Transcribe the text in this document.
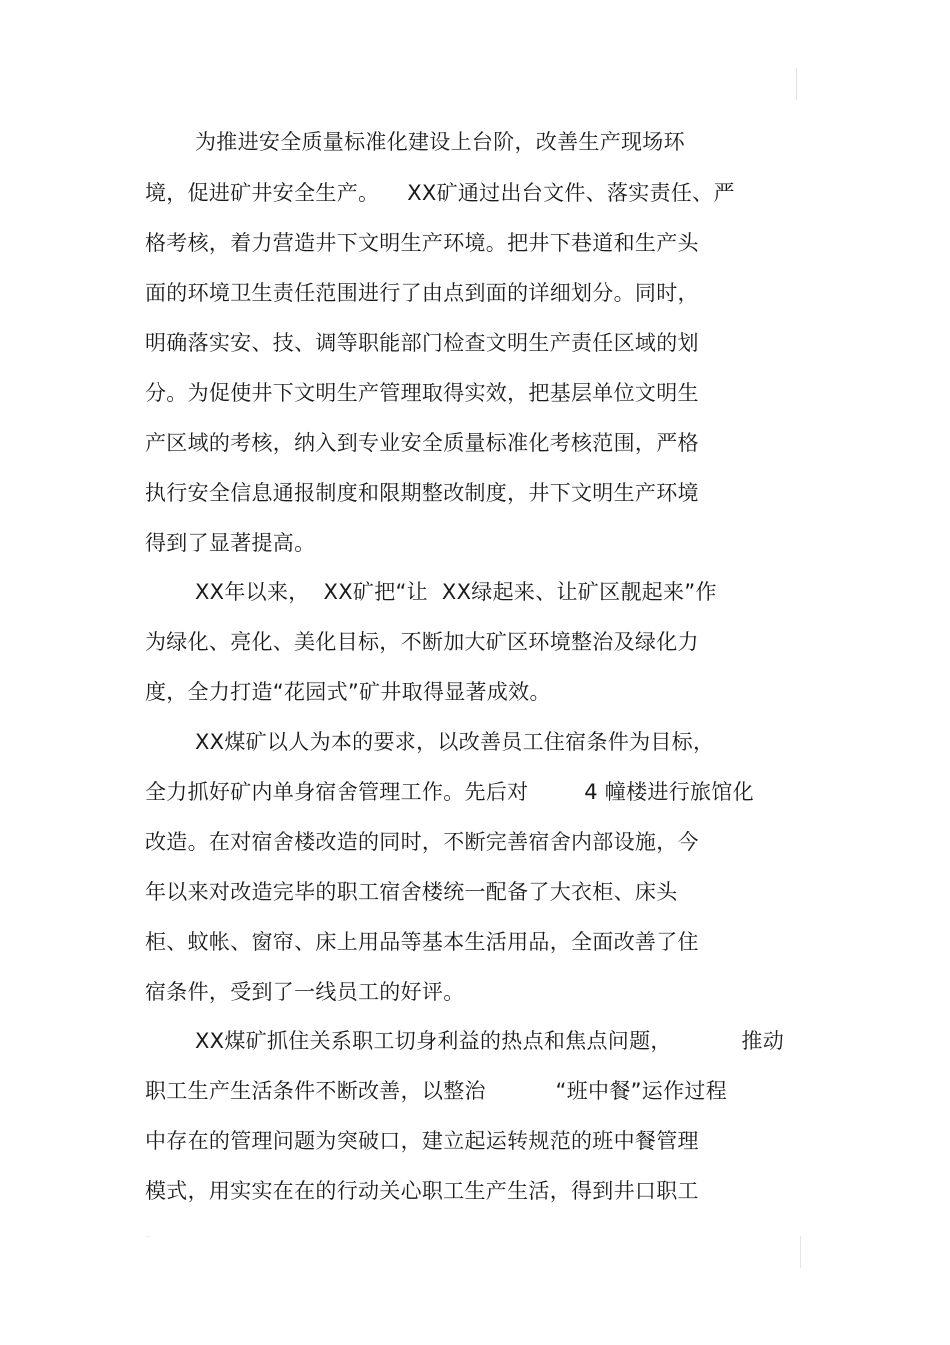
为推进安全质量标准化建设上台阶，改善生产现场环
境，促进矿井安全生产。    XX矿通过出台文件、落实责任、严
格考核，着力营造井下文明生产环境。把井下巷道和生产头
面的环境卫生责任范围进行了由点到面的详细划分。同时，
明确落实安、技、调等职能部门检查文明生产责任区域的划
分。为促使井下文明生产管理取得实效，把基层单位文明生
产区域的考核，纳入到专业安全质量标准化考核范围，严格
执行安全信息通报制度和限期整改制度，井下文明生产环境
得到了显著提高。
XX年以来，  XX矿把“让  XX绿起来、让矿区靓起来”作
为绿化、亮化、美化目标，不断加大矿区环境整治及绿化力
度，全力打造“花园式”矿井取得显著成效。
XX煤矿以人为本的要求，以改善员工住宿条件为目标，
全力抓好矿内单身宿舍管理工作。先后对        4 幢楼进行旅馆化
改造。在对宿舍楼改造的同时，不断完善宿舍内部设施，今
年以来对改造完毕的职工宿舍楼统一配备了大衣柜、床头
柜、蚊帐、窗帘、床上用品等基本生活用品，全面改善了住
宿条件，受到了一线员工的好评。
XX煤矿抓住关系职工切身利益的热点和焦点问题，          推动
职工生产生活条件不断改善，以整治          “班中餐”运作过程
中存在的管理问题为突破口，建立起运转规范的班中餐管理
模式，用实实在在的行动关心职工生产生活，得到井口职工
